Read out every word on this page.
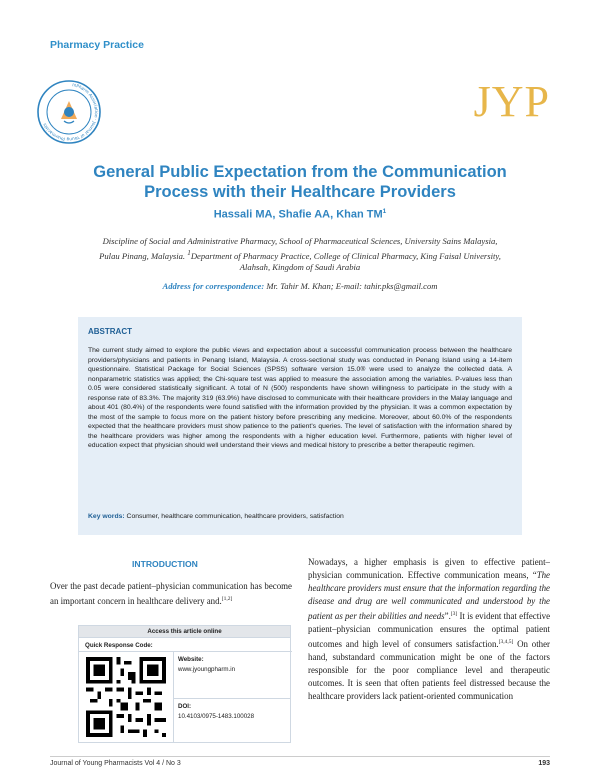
Pharmacy Practice
InPharm Association · Journal of Young Pharmacists	JYP
General Public Expectation from the Communication Process with their Healthcare Providers
Hassali MA, Shafie AA, Khan $TM^1$
Discipline of Social and Administrative Pharmacy, School of Pharmaceutical Sciences, University Sains Malaysia, Pulau Pinang, Malaysia. $^1$Department of Pharmacy Practice, College of Clinical Pharmacy, King Faisal University, Alahsah, Kingdom of Saudi Arabia
Address for correspondence: Mr. Tahir M. Khan; E-mail: tahir.pks@gmail.com
ABSTRACT
The current study aimed to explore the public views and expectation about a successful communication process between the healthcare providers/physicians and patients in Penang Island, Malaysia. A cross-sectional study was conducted in Penang Island using a 14-item questionnaire. Statistical Package for Social Sciences (SPSS) software version 15.0® were used to analyze the collected data. A nonparametric statistics was applied; the Chi-square test was applied to measure the association among the variables. P-values less than 0.05 were considered statistically significant. A total of N (500) respondents have shown willingness to participate in the study with a response rate of 83.3%. The majority 319 (63.9%) have disclosed to communicate with their healthcare providers in the Malay language and about 401 (80.4%) of the respondents were found satisfied with the information provided by the physician. It was a common expectation by the most of the sample to focus more on the patient history before prescribing any medicine. Moreover, about 60.0% of the respondents expected that the healthcare providers must show patience to the patient's queries. The level of satisfaction with the information shared by the healthcare providers was higher among the respondents with a higher education level. Furthermore, patients with higher level of education expect that physician should well understand their views and medical history to prescribe a better therapeutic regimen.
Key words: Consumer, healthcare communication, healthcare providers, satisfaction
INTRODUCTION
Over the past decade patient–physician communication has become an important concern in healthcare delivery and.[1,2]
Nowadays, a higher emphasis is given to effective patient–physician communication. Effective communication means, “The healthcare providers must ensure that the information regarding the disease and drug are well communicated and understood by the patient as per their abilities and needs”.[3] It is evident that effective patient–physician communication ensures the optimal patient outcomes and high level of consumers satisfaction.[3,4,5] On other hand, substandard communication might be one of the factors responsible for the poor compliance level and therapeutic outcomes. It is seen that often patients feel distressed because the healthcare providers lack patient-oriented communication
Access this article online
Quick Response Code:
Website:
www.jyoungpharm.in
DOI:
10.4103/0975-1483.100028
Journal of Young Pharmacists Vol 4 / No 3	193
